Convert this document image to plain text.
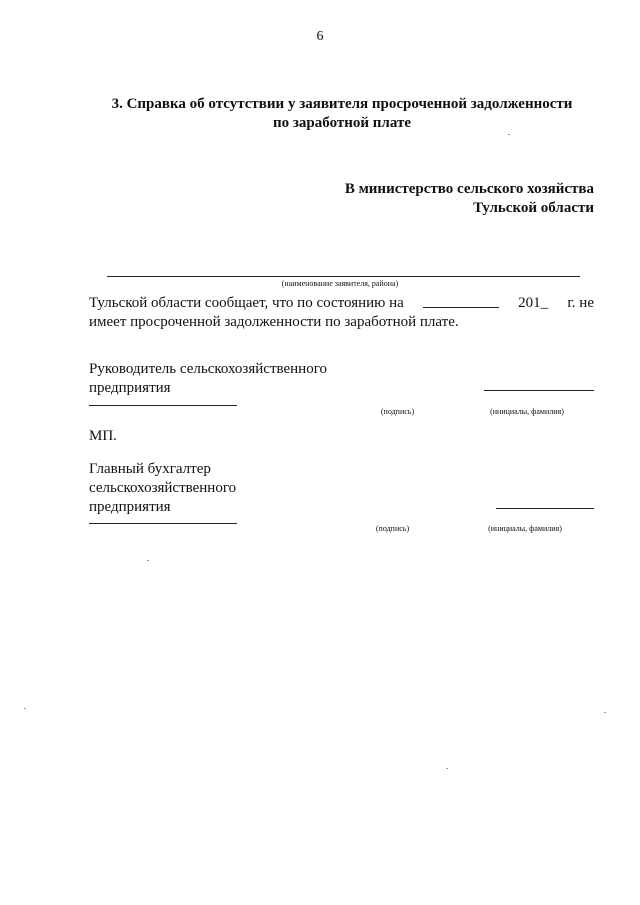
6
3. Справка об отсутствии у заявителя просроченной задолженности
по заработной плате
В министерство сельского хозяйства
Тульской области
(наименование заявителя, района)
Тульской области сообщает, что по состоянию на	201_ г. не
имеет просроченной задолженности по заработной плате.
Руководитель сельскохозяйственного
предприятия
(подпись)	(инициалы, фамилия)
МП.
Главный бухгалтер
сельскохозяйственного
предприятия
(подпись)	(инициалы, фамилия)
